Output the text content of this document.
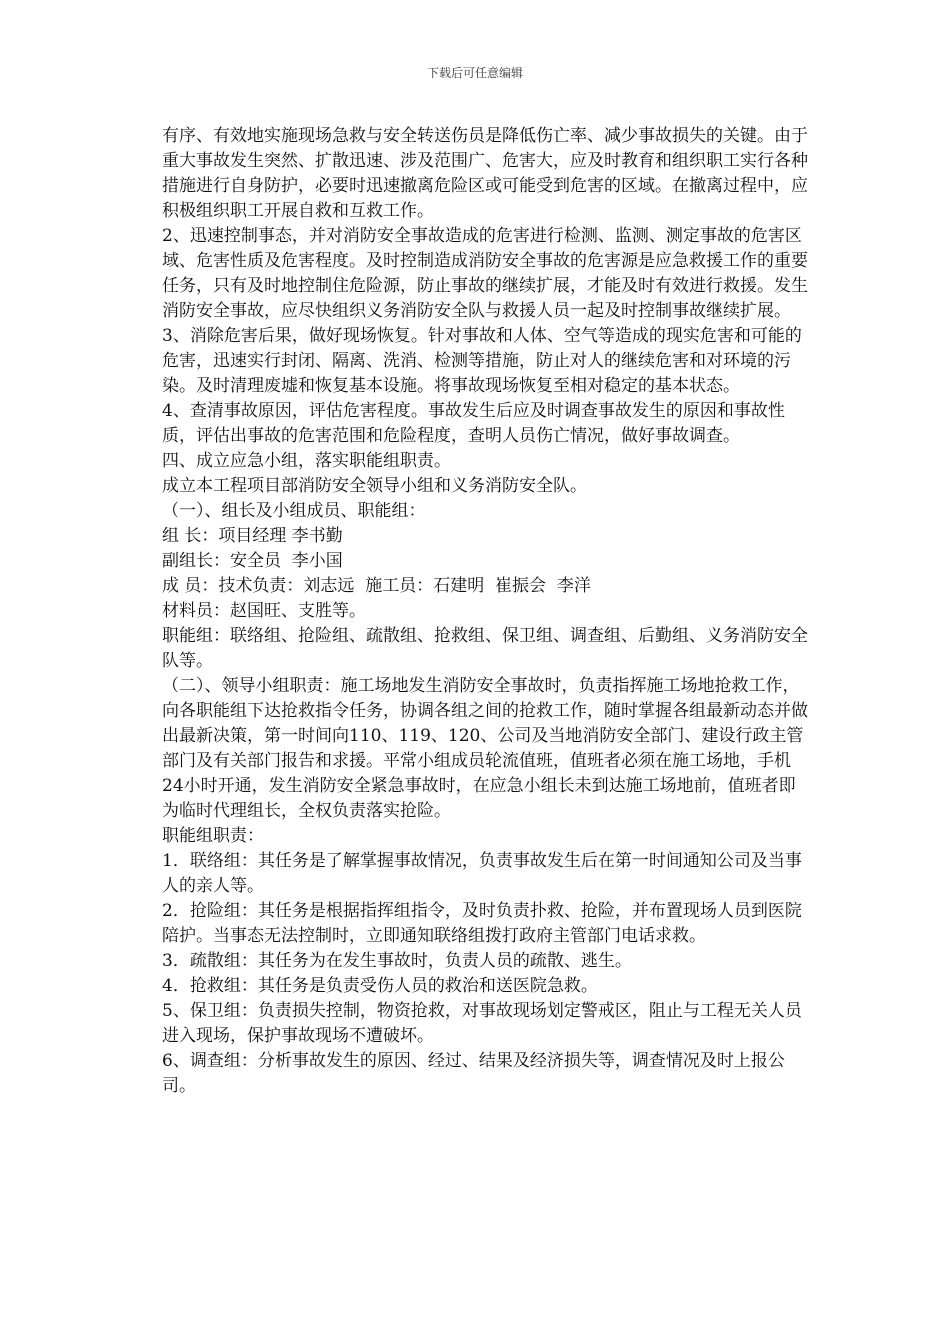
下载后可任意编辑

有序、有效地实施现场急救与安全转送伤员是降低伤亡率、减少事故损失的关键。由于重大事故发生突然、扩散迅速、涉及范围广、危害大，应及时教育和组织职工实行各种措施进行自身防护，必要时迅速撤离危险区或可能受到危害的区域。在撤离过程中，应积极组织职工开展自救和互救工作。

2、迅速控制事态，并对消防安全事故造成的危害进行检测、监测、测定事故的危害区域、危害性质及危害程度。及时控制造成消防安全事故的危害源是应急救援工作的重要任务，只有及时地控制住危险源，防止事故的继续扩展，才能及时有效进行救援。发生消防安全事故，应尽快组织义务消防安全队与救援人员一起及时控制事故继续扩展。

3、消除危害后果，做好现场恢复。针对事故和人体、空气等造成的现实危害和可能的危害，迅速实行封闭、隔离、洗消、检测等措施，防止对人的继续危害和对环境的污染。及时清理废墟和恢复基本设施。将事故现场恢复至相对稳定的基本状态。

4、查清事故原因，评估危害程度。事故发生后应及时调查事故发生的原因和事故性质，评估出事故的危害范围和危险程度，查明人员伤亡情况，做好事故调查。

四、成立应急小组，落实职能组职责。

成立本工程项目部消防安全领导小组和义务消防安全队。

（一）、组长及小组成员、职能组：

组 长：项目经理 李书勤

副组长：安全员  李小国

成 员：技术负责：刘志远  施工员：石建明  崔振会  李洋

材料员：赵国旺、支胜等。

职能组：联络组、抢险组、疏散组、抢救组、保卫组、调查组、后勤组、义务消防安全队等。

（二）、领导小组职责：施工场地发生消防安全事故时，负责指挥施工场地抢救工作，向各职能组下达抢救指令任务，协调各组之间的抢救工作，随时掌握各组最新动态并做出最新决策，第一时间向110、119、120、公司及当地消防安全部门、建设行政主管部门及有关部门报告和求援。平常小组成员轮流值班，值班者必须在施工场地，手机24小时开通，发生消防安全紧急事故时，在应急小组长未到达施工场地前，值班者即为临时代理组长，全权负责落实抢险。

职能组职责：

1．联络组：其任务是了解掌握事故情况，负责事故发生后在第一时间通知公司及当事人的亲人等。

2．抢险组：其任务是根据指挥组指令，及时负责扑救、抢险，并布置现场人员到医院陪护。当事态无法控制时，立即通知联络组拨打政府主管部门电话求救。

3．疏散组：其任务为在发生事故时，负责人员的疏散、逃生。

4．抢救组：其任务是负责受伤人员的救治和送医院急救。

5、保卫组：负责损失控制，物资抢救，对事故现场划定警戒区，阻止与工程无关人员进入现场，保护事故现场不遭破坏。

6、调查组：分析事故发生的原因、经过、结果及经济损失等，调查情况及时上报公司。
